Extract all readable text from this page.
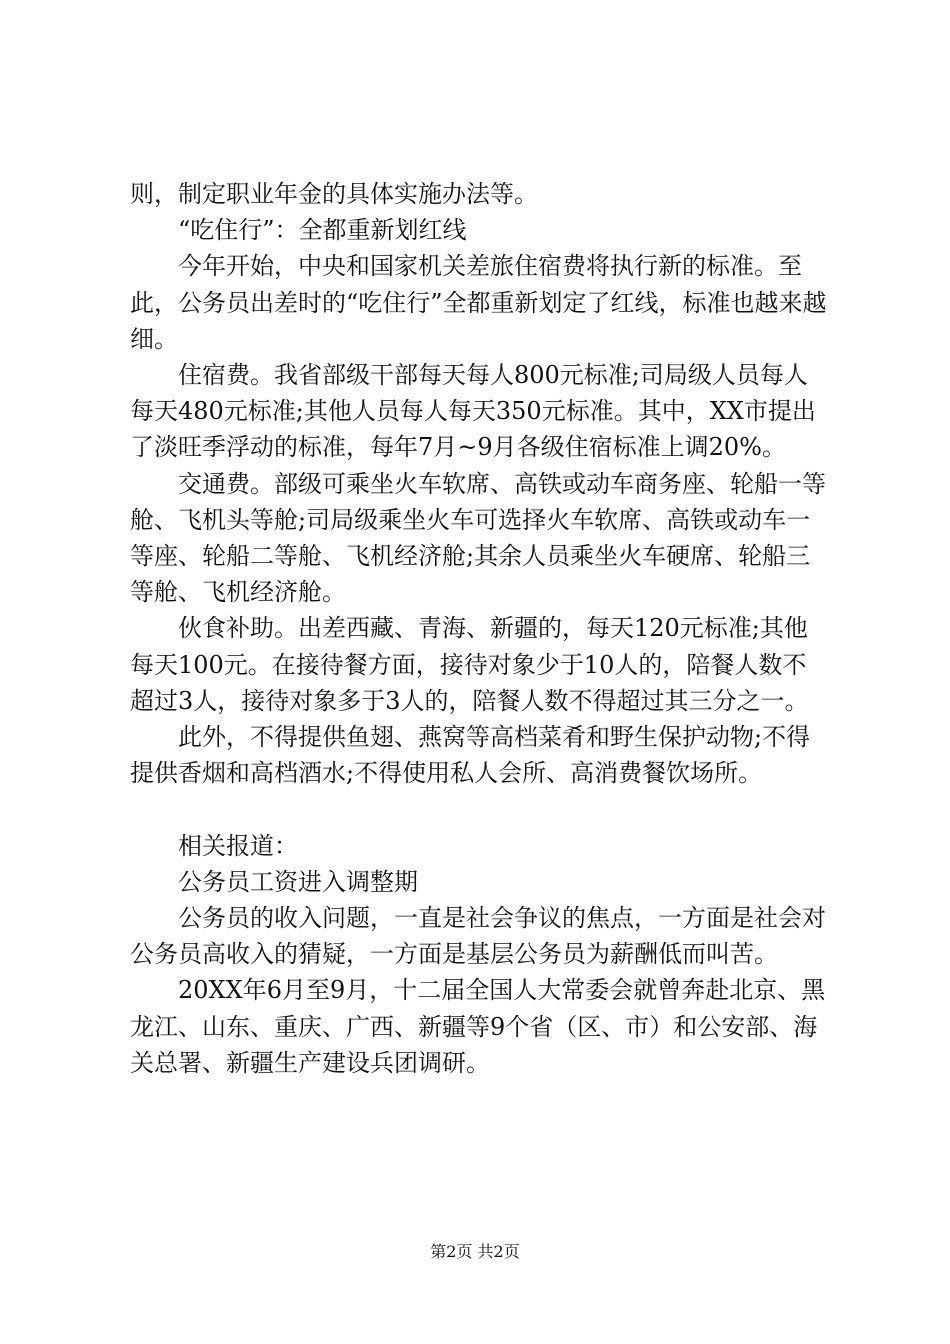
则，制定职业年金的具体实施办法等。

“吃住行”：全都重新划红线

今年开始，中央和国家机关差旅住宿费将执行新的标准。至此，公务员出差时的“吃住行”全都重新划定了红线，标准也越来越细。

住宿费。我省部级干部每天每人800元标准;司局级人员每人每天480元标准;其他人员每人每天350元标准。其中，XX市提出了淡旺季浮动的标准，每年7月~9月各级住宿标准上调20%。

交通费。部级可乘坐火车软席、高铁或动车商务座、轮船一等舱、飞机头等舱;司局级乘坐火车可选择火车软席、高铁或动车一等座、轮船二等舱、飞机经济舱;其余人员乘坐火车硬席、轮船三等舱、飞机经济舱。

伙食补助。出差西藏、青海、新疆的，每天120元标准;其他每天100元。在接待餐方面，接待对象少于10人的，陪餐人数不超过3人，接待对象多于3人的，陪餐人数不得超过其三分之一。

此外，不得提供鱼翅、燕窝等高档菜肴和野生保护动物;不得提供香烟和高档酒水;不得使用私人会所、高消费餐饮场所。

相关报道：

公务员工资进入调整期

公务员的收入问题，一直是社会争议的焦点，一方面是社会对公务员高收入的猜疑，一方面是基层公务员为薪酬低而叫苦。

20XX年6月至9月，十二届全国人大常委会就曾奔赴北京、黑龙江、山东、重庆、广西、新疆等9个省（区、市）和公安部、海关总署、新疆生产建设兵团调研。

第2页 共2页
